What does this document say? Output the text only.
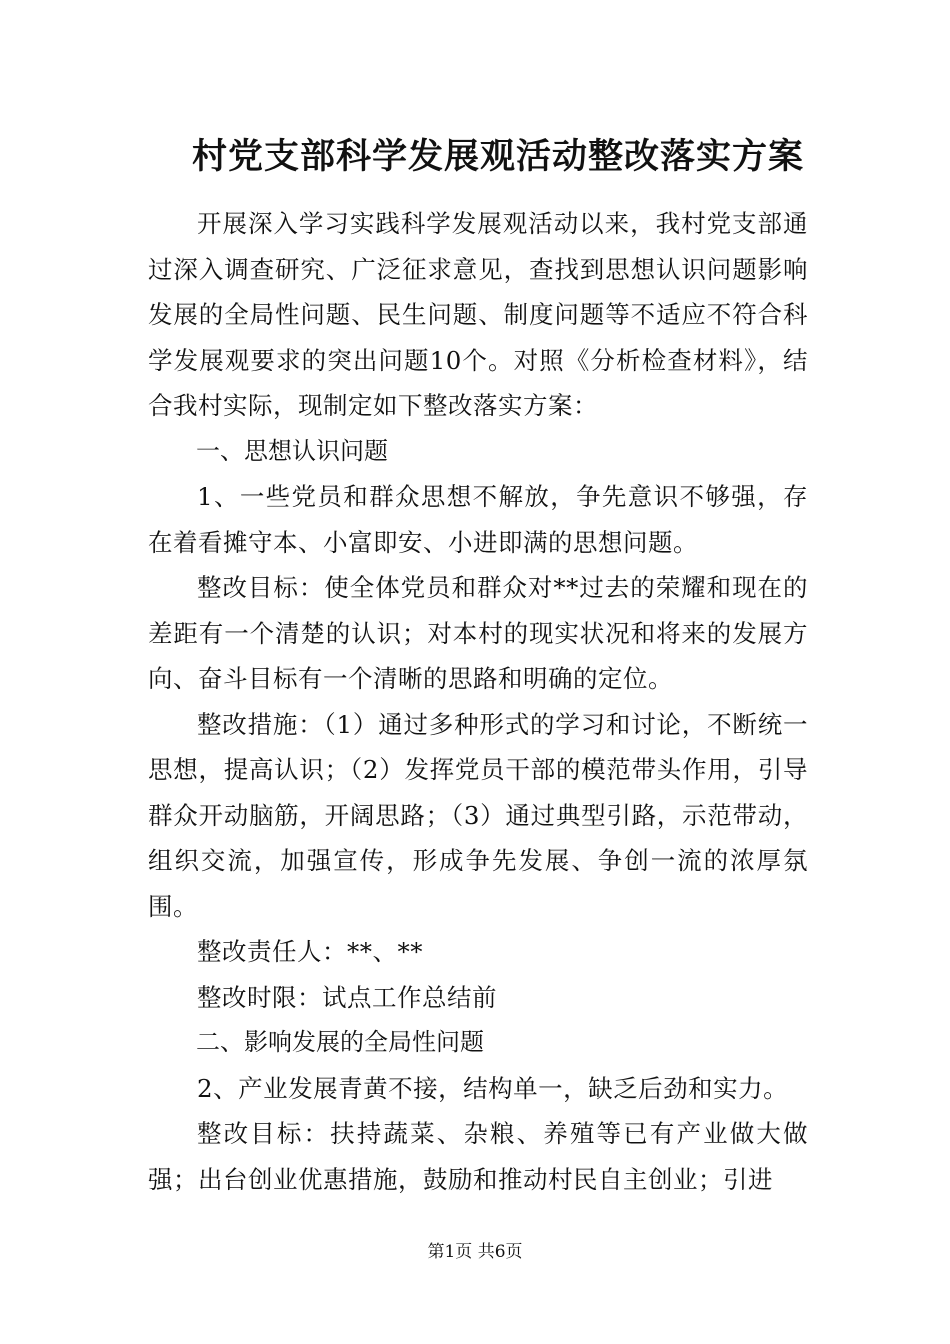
村党支部科学发展观活动整改落实方案

开展深入学习实践科学发展观活动以来，我村党支部通过深入调查研究、广泛征求意见，查找到思想认识问题影响发展的全局性问题、民生问题、制度问题等不适应不符合科学发展观要求的突出问题10个。对照《分析检查材料》，结合我村实际，现制定如下整改落实方案：

一、思想认识问题

1、一些党员和群众思想不解放，争先意识不够强，存在着看摊守本、小富即安、小进即满的思想问题。

整改目标：使全体党员和群众对**过去的荣耀和现在的差距有一个清楚的认识；对本村的现实状况和将来的发展方向、奋斗目标有一个清晰的思路和明确的定位。

整改措施：（1）通过多种形式的学习和讨论，不断统一思想，提高认识；（2）发挥党员干部的模范带头作用，引导群众开动脑筋，开阔思路；（3）通过典型引路，示范带动，组织交流，加强宣传，形成争先发展、争创一流的浓厚氛围。

整改责任人：**、**

整改时限：试点工作总结前

二、影响发展的全局性问题

2、产业发展青黄不接，结构单一，缺乏后劲和实力。

整改目标：扶持蔬菜、杂粮、养殖等已有产业做大做强；出台创业优惠措施，鼓励和推动村民自主创业；引进

第1页 共6页
